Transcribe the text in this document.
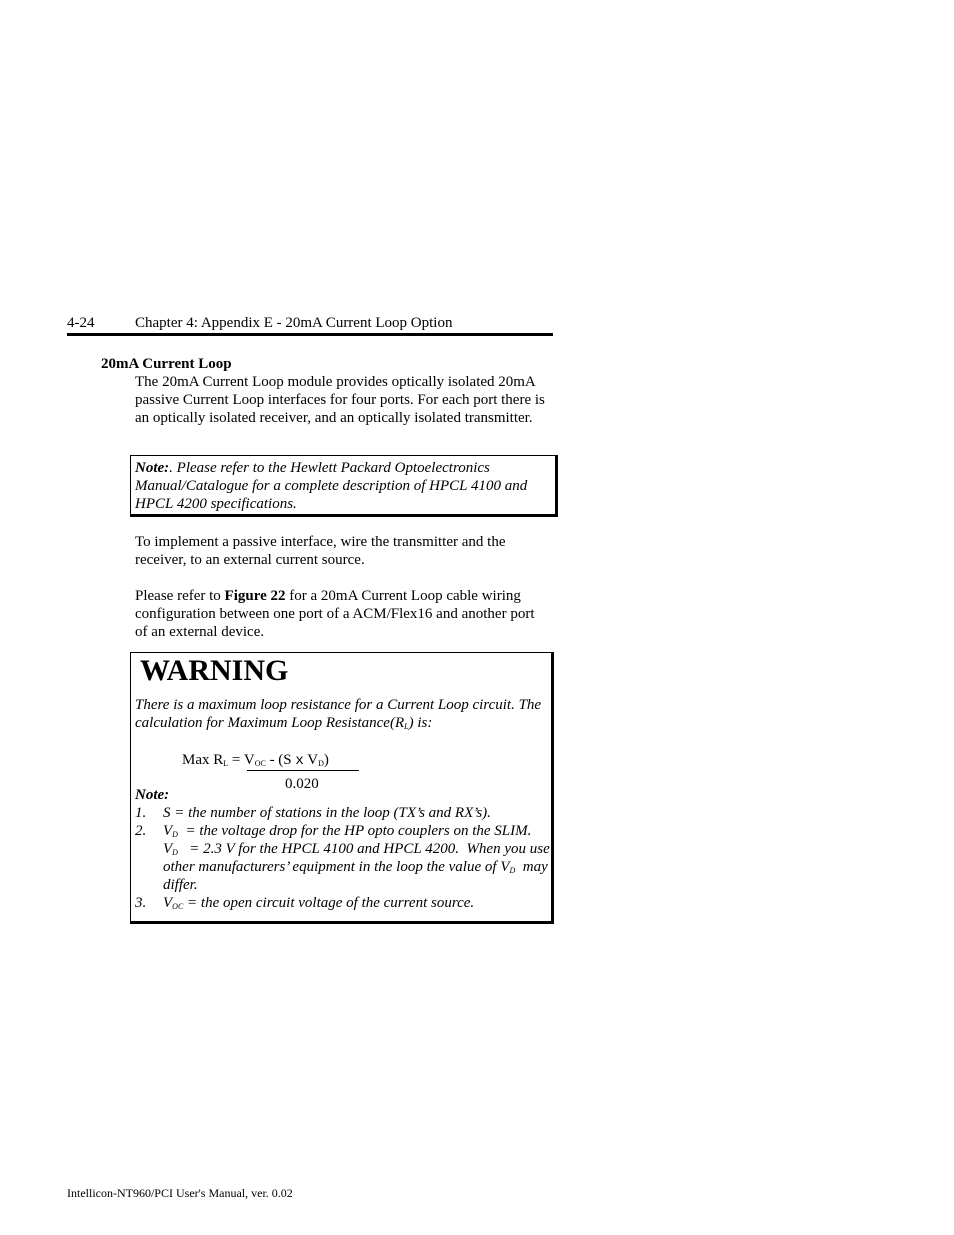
4-24	Chapter 4: Appendix E - 20mA Current Loop Option
20mA Current Loop
The 20mA Current Loop module provides optically isolated 20mA passive Current Loop interfaces for four ports. For each port there is an optically isolated receiver, and an optically isolated transmitter.
Note:. Please refer to the Hewlett Packard Optoelectronics Manual/Catalogue for a complete description of HPCL 4100 and HPCL 4200 specifications.
To implement a passive interface, wire the transmitter and the receiver, to an external current source.
Please refer to Figure 22 for a 20mA Current Loop cable wiring configuration between one port of a ACM/Flex16 and another port of an external device.
WARNING
There is a maximum loop resistance for a Current Loop circuit. The calculation for Maximum Loop $Resistance(R_L)$ is:
Max $R_L = V_{OC} - (S$ x $V_D$)
0.020
Note:
1. S = the number of stations in the loop (TX’s and RX’s).
2. $V_D$  = the voltage drop for the HP opto couplers on the SLIM.
$V_D = 2.3$ V for the HPCL 4100 and HPCL 4200.  When you use other manufacturers’ equipment in the loop the value of $V_D$  may differ.
3. $V_{OC}$ = the open circuit voltage of the current source.
Intellicon-NT960/PCI User's Manual, ver. 0.02
